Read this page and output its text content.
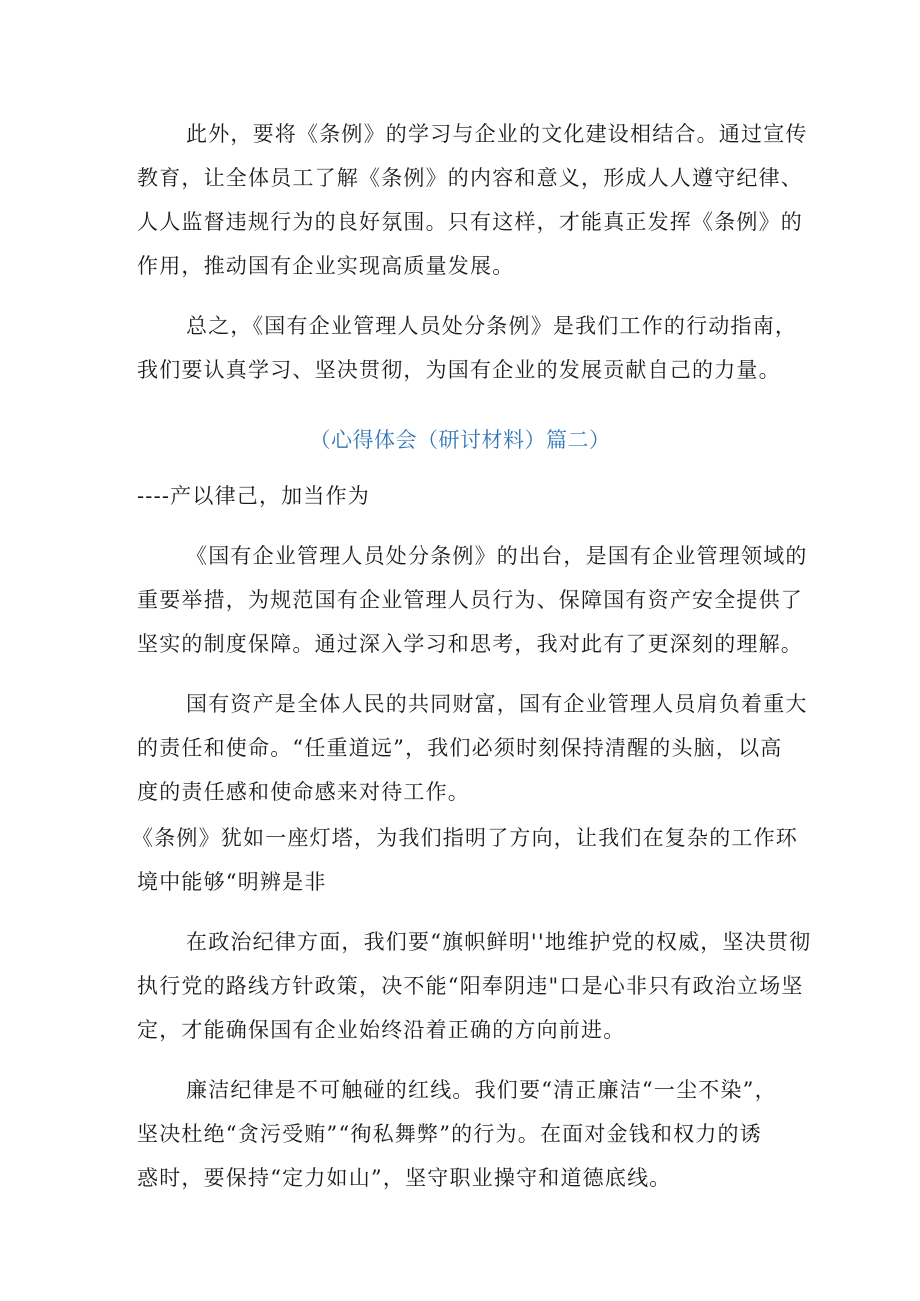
此外，要将《条例》的学习与企业的文化建设相结合。通过宣传
教育，让全体员工了解《条例》的内容和意义，形成人人遵守纪律、
人人监督违规行为的良好氛围。只有这样，才能真正发挥《条例》的
作用，推动国有企业实现高质量发展。
总之，《国有企业管理人员处分条例》是我们工作的行动指南，
我们要认真学习、坚决贯彻，为国有企业的发展贡献自己的力量。
（心得体会（研讨材料）篇二）
----产以律己，加当作为
《国有企业管理人员处分条例》的出台，是国有企业管理领域的
重要举措，为规范国有企业管理人员行为、保障国有资产安全提供了
坚实的制度保障。通过深入学习和思考，我对此有了更深刻的理解。
国有资产是全体人民的共同财富，国有企业管理人员肩负着重大
的责任和使命。“任重道远”，我们必须时刻保持清醒的头脑，以高
度的责任感和使命感来对待工作。
《条例》犹如一座灯塔，为我们指明了方向，让我们在复杂的工作环
境中能够“明辨是非
在政治纪律方面，我们要“旗帜鲜明''地维护党的权威，坚决贯彻
执行党的路线方针政策，决不能“阳奉阴违"口是心非只有政治立场坚
定，才能确保国有企业始终沿着正确的方向前进。
廉洁纪律是不可触碰的红线。我们要“清正廉洁“一尘不染”，
坚决杜绝“贪污受贿”“徇私舞弊”的行为。在面对金钱和权力的诱
惑时，要保持“定力如山”，坚守职业操守和道德底线。
